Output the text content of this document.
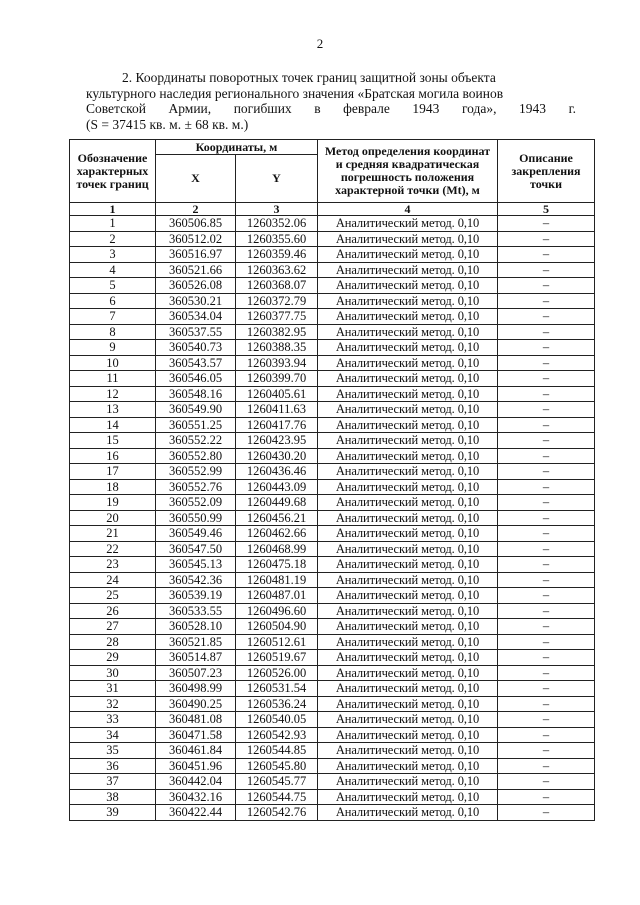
2

2. Координаты поворотных точек границ защитной зоны объекта

культурного наследия регионального значения «Братская могила воинов

Советской Армии, погибших в феврале 1943 года», 1943 г.

(S = 37415 кв. м. ± 68 кв. м.)

Обозначение характерных точек границ	Координаты, м		Метод определения координат и средняя квадратическая погрешность положения характерной точки (Mt), м	Описание закрепления точки
	X	Y		
1	2	3	4	5
1	360506.85	1260352.06	Аналитический метод. 0,10	–
2	360512.02	1260355.60	Аналитический метод. 0,10	–
3	360516.97	1260359.46	Аналитический метод. 0,10	–
4	360521.66	1260363.62	Аналитический метод. 0,10	–
5	360526.08	1260368.07	Аналитический метод. 0,10	–
6	360530.21	1260372.79	Аналитический метод. 0,10	–
7	360534.04	1260377.75	Аналитический метод. 0,10	–
8	360537.55	1260382.95	Аналитический метод. 0,10	–
9	360540.73	1260388.35	Аналитический метод. 0,10	–
10	360543.57	1260393.94	Аналитический метод. 0,10	–
11	360546.05	1260399.70	Аналитический метод. 0,10	–
12	360548.16	1260405.61	Аналитический метод. 0,10	–
13	360549.90	1260411.63	Аналитический метод. 0,10	–
14	360551.25	1260417.76	Аналитический метод. 0,10	–
15	360552.22	1260423.95	Аналитический метод. 0,10	–
16	360552.80	1260430.20	Аналитический метод. 0,10	–
17	360552.99	1260436.46	Аналитический метод. 0,10	–
18	360552.76	1260443.09	Аналитический метод. 0,10	–
19	360552.09	1260449.68	Аналитический метод. 0,10	–
20	360550.99	1260456.21	Аналитический метод. 0,10	–
21	360549.46	1260462.66	Аналитический метод. 0,10	–
22	360547.50	1260468.99	Аналитический метод. 0,10	–
23	360545.13	1260475.18	Аналитический метод. 0,10	–
24	360542.36	1260481.19	Аналитический метод. 0,10	–
25	360539.19	1260487.01	Аналитический метод. 0,10	–
26	360533.55	1260496.60	Аналитический метод. 0,10	–
27	360528.10	1260504.90	Аналитический метод. 0,10	–
28	360521.85	1260512.61	Аналитический метод. 0,10	–
29	360514.87	1260519.67	Аналитический метод. 0,10	–
30	360507.23	1260526.00	Аналитический метод. 0,10	–
31	360498.99	1260531.54	Аналитический метод. 0,10	–
32	360490.25	1260536.24	Аналитический метод. 0,10	–
33	360481.08	1260540.05	Аналитический метод. 0,10	–
34	360471.58	1260542.93	Аналитический метод. 0,10	–
35	360461.84	1260544.85	Аналитический метод. 0,10	–
36	360451.96	1260545.80	Аналитический метод. 0,10	–
37	360442.04	1260545.77	Аналитический метод. 0,10	–
38	360432.16	1260544.75	Аналитический метод. 0,10	–
39	360422.44	1260542.76	Аналитический метод. 0,10	–
